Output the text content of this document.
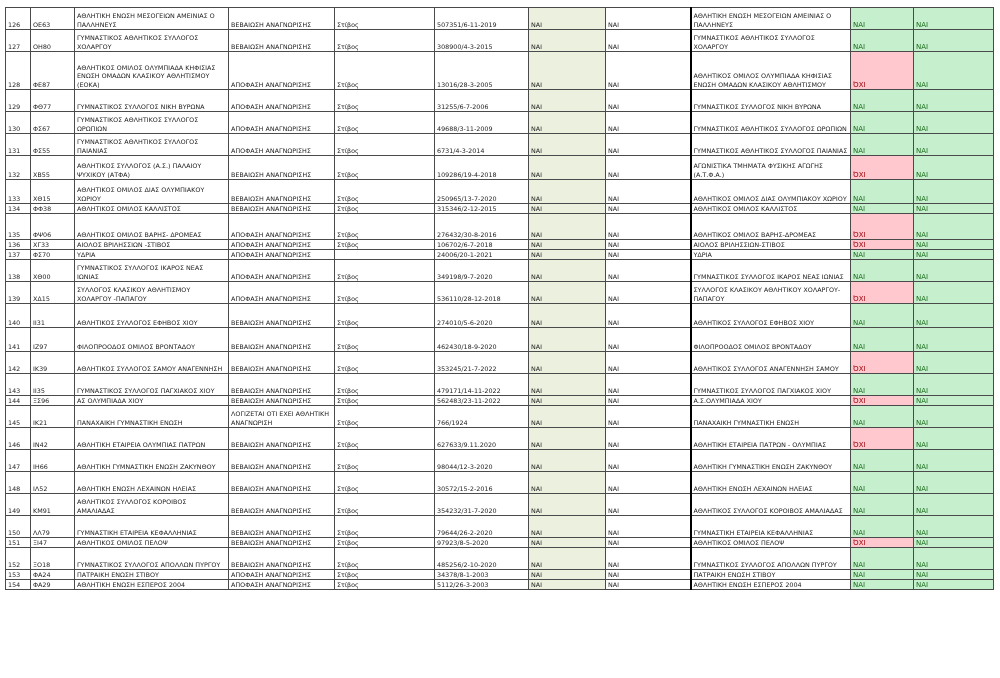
126	ΟΕ63	ΑΘΛΗΤΙΚΗ ΕΝΩΣΗ ΜΕΣΟΓΕΙΩΝ ΑΜΕΙΝΙΑΣ Ο ΠΑΛΛΗΝΕΥΣ	ΒΕΒΑΙΩΣΗ ΑΝΑΓΝΩΡΙΣΗΣ	Στίβος	507351/6-11-2019	ΝΑΙ	ΝΑΙ	ΑΘΛΗΤΙΚΗ ΕΝΩΣΗ ΜΕΣΟΓΕΙΩΝ ΑΜΕΙΝΙΑΣ Ο ΠΑΛΛΗΝΕΥΣ	ΝΑΙ	ΝΑΙ
127	ΟΗ80	ΓΥΜΝΑΣΤΙΚΟΣ ΑΘΛΗΤΙΚΟΣ ΣΥΛΛΟΓΟΣ ΧΟΛΑΡΓΟΥ	ΒΕΒΑΙΩΣΗ ΑΝΑΓΝΩΡΙΣΗΣ	Στίβος	308900/4-3-2015	ΝΑΙ	ΝΑΙ	ΓΥΜΝΑΣΤΙΚΟΣ ΑΘΛΗΤΙΚΟΣ ΣΥΛΛΟΓΟΣ ΧΟΛΑΡΓΟΥ	ΝΑΙ	ΝΑΙ
128	ΦΕ87	ΑΘΛΗΤΙΚΟΣ ΟΜΙΛΟΣ ΟΛΥΜΠΙΑΔΑ ΚΗΦΙΣΙΑΣ ΕΝΩΣΗ ΟΜΑΔΩΝ ΚΛΑΣΙΚΟΥ ΑΘΛΗΤΙΣΜΟΥ (ΕΟΚΑ)	ΑΠΟΦΑΣΗ ΑΝΑΓΝΩΡΙΣΗΣ	Στίβος	13016/28-3-2005	ΝΑΙ	ΝΑΙ	ΑΘΛΗΤΙΚΟΣ ΟΜΙΛΟΣ ΟΛΥΜΠΙΑΔΑ ΚΗΦΙΣΙΑΣ ΕΝΩΣΗ ΟΜΑΔΩΝ ΚΛΑΣΙΚΟΥ ΑΘΛΗΤΙΣΜΟΥ	ΌΧΙ	ΝΑΙ
129	ΦΘ77	ΓΥΜΝΑΣΤΙΚΟΣ ΣΥΛΛΟΓΟΣ ΝΙΚΗ ΒΥΡΩΝΑ	ΑΠΟΦΑΣΗ ΑΝΑΓΝΩΡΙΣΗΣ	Στίβος	31255/6-7-2006	ΝΑΙ	ΝΑΙ	ΓΥΜΝΑΣΤΙΚΟΣ ΣΥΛΛΟΓΟΣ ΝΙΚΗ ΒΥΡΩΝΑ	ΝΑΙ	ΝΑΙ
130	ΦΣ67	ΓΥΜΝΑΣΤΙΚΟΣ ΑΘΛΗΤΙΚΟΣ ΣΥΛΛΟΓΟΣ ΩΡΩΠΙΩΝ	ΑΠΟΦΑΣΗ ΑΝΑΓΝΩΡΙΣΗΣ	Στίβος	49688/3-11-2009	ΝΑΙ	ΝΑΙ	ΓΥΜΝΑΣΤΙΚΟΣ ΑΘΛΗΤΙΚΟΣ ΣΥΛΛΟΓΟΣ ΩΡΩΠΙΩΝ	ΝΑΙ	ΝΑΙ
131	ΦΣ55	ΓΥΜΝΑΣΤΙΚΟΣ ΑΘΛΗΤΙΚΟΣ ΣΥΛΛΟΓΟΣ ΠΑΙΑΝΙΑΣ	ΑΠΟΦΑΣΗ ΑΝΑΓΝΩΡΙΣΗΣ	Στίβος	6731/4-3-2014	ΝΑΙ	ΝΑΙ	ΓΥΜΝΑΣΤΙΚΟΣ ΑΘΛΗΤΙΚΟΣ ΣΥΛΛΟΓΟΣ ΠΑΙΑΝΙΑΣ	ΝΑΙ	ΝΑΙ
132	ΧΒ55	ΑΘΛΗΤΙΚΟΣ ΣΥΛΛΟΓΟΣ (Α.Σ.) ΠΑΛΑΙΟΥ ΨΥΧΙΚΟΥ (ΑΤΦΑ)	ΒΕΒΑΙΩΣΗ ΑΝΑΓΝΩΡΙΣΗΣ	Στίβος	109286/19-4-2018	ΝΑΙ	ΝΑΙ	ΑΓΩΝΙΣΤΙΚΑ ΤΜΗΜΑΤΑ ΦΥΣΙΚΗΣ ΑΓΩΓΗΣ (Α.Τ.Φ.Α.)	ΌΧΙ	ΝΑΙ
133	ΧΘ15	ΑΘΛΗΤΙΚΟΣ ΟΜΙΛΟΣ ΔΙΑΣ ΟΛΥΜΠΙΑΚΟΥ ΧΩΡΙΟΥ	ΒΕΒΑΙΩΣΗ ΑΝΑΓΝΩΡΙΣΗΣ	Στίβος	250965/13-7-2020	ΝΑΙ	ΝΑΙ	ΑΘΛΗΤΙΚΟΣ ΟΜΙΛΟΣ ΔΙΑΣ ΟΛΥΜΠΙΑΚΟΥ ΧΩΡΙΟΥ	ΝΑΙ	ΝΑΙ
134	ΦΦ38	ΑΘΛΗΤΙΚΟΣ ΟΜΙΛΟΣ ΚΑΛΛΙΣΤΟΣ	ΒΕΒΑΙΩΣΗ ΑΝΑΓΝΩΡΙΣΗΣ	Στίβος	315346/2-12-2015	ΝΑΙ	ΝΑΙ	ΑΘΛΗΤΙΚΟΣ ΟΜΙΛΟΣ ΚΑΛΛΙΣΤΟΣ	ΝΑΙ	ΝΑΙ
135	ΦΨ06	ΑΘΛΗΤΙΚΟΣ ΟΜΙΛΟΣ ΒΑΡΗΣ- ΔΡΟΜΕΑΣ	ΑΠΟΦΑΣΗ ΑΝΑΓΝΩΡΙΣΗΣ	Στίβος	276432/30-8-2016	ΝΑΙ	ΝΑΙ	ΑΘΛΗΤΙΚΟΣ ΟΜΙΛΟΣ ΒΑΡΗΣ-ΔΡΟΜΕΑΣ	ΌΧΙ	ΝΑΙ
136	ΧΓ33	ΑΙΟΛΟΣ ΒΡΙΛΗΣΣΙΩΝ -ΣΤΙΒΟΣ	ΑΠΟΦΑΣΗ ΑΝΑΓΝΩΡΙΣΗΣ	Στίβος	106702/6-7-2018	ΝΑΙ	ΝΑΙ	ΑΙΟΛΟΣ ΒΡΙΛΗΣΣΙΩΝ-ΣΤΙΒΟΣ	ΌΧΙ	ΝΑΙ
137	ΦΣ70	ΥΔΡΙΑ	ΑΠΟΦΑΣΗ ΑΝΑΓΝΩΡΙΣΗΣ		24006/20-1-2021	ΝΑΙ	ΝΑΙ	ΥΔΡΙΑ	ΝΑΙ	ΝΑΙ
138	ΧΘ00	ΓΥΜΝΑΣΤΙΚΟΣ ΣΥΛΛΟΓΟΣ ΙΚΑΡΟΣ ΝΕΑΣ ΙΩΝΙΑΣ	ΑΠΟΦΑΣΗ ΑΝΑΓΝΩΡΙΣΗΣ	Στίβος	349198/9-7-2020	ΝΑΙ	ΝΑΙ	ΓΥΜΝΑΣΤΙΚΟΣ ΣΥΛΛΟΓΟΣ ΙΚΑΡΟΣ ΝΕΑΣ ΙΩΝΙΑΣ	ΝΑΙ	ΝΑΙ
139	ΧΔ15	ΣΥΛΛΟΓΟΣ ΚΛΑΣΙΚΟΥ ΑΘΛΗΤΙΣΜΟΥ ΧΟΛΑΡΓΟΥ -ΠΑΠΑΓΟΥ	ΑΠΟΦΑΣΗ ΑΝΑΓΝΩΡΙΣΗΣ	Στίβος	536110/28-12-2018	ΝΑΙ	ΝΑΙ	ΣΥΛΛΟΓΟΣ ΚΛΑΣΙΚΟΥ ΑΘΛΗΤΙΚΟΥ ΧΟΛΑΡΓΟΥ-ΠΑΠΑΓΟΥ	ΌΧΙ	ΝΑΙ
140	ΙΙ31	ΑΘΛΗΤΙΚΟΣ ΣΥΛΛΟΓΟΣ ΕΦΗΒΟΣ ΧΙΟΥ	ΒΕΒΑΙΩΣΗ ΑΝΑΓΝΩΡΙΣΗΣ	Στίβος	274010/5-6-2020	ΝΑΙ	ΝΑΙ	ΑΘΛΗΤΙΚΟΣ ΣΥΛΛΟΓΟΣ ΕΦΗΒΟΣ ΧΙΟΥ	ΝΑΙ	ΝΑΙ
141	ΙΖ97	ΦΙΛΟΠΡΟΟΔΟΣ ΟΜΙΛΟΣ ΒΡΟΝΤΑΔΟΥ	ΒΕΒΑΙΩΣΗ ΑΝΑΓΝΩΡΙΣΗΣ	Στίβος	462430/18-9-2020	ΝΑΙ	ΝΑΙ	ΦΙΛΟΠΡΟΟΔΟΣ ΟΜΙΛΟΣ ΒΡΟΝΤΑΔΟΥ	ΝΑΙ	ΝΑΙ
142	ΙΚ39	ΑΘΛΗΤΙΚΟΣ ΣΥΛΛΟΓΟΣ ΣΑΜΟΥ ΑΝΑΓΕΝΝΗΣΗ	ΒΕΒΑΙΩΣΗ ΑΝΑΓΝΩΡΙΣΗΣ	Στίβος	353245/21-7-2022	ΝΑΙ	ΝΑΙ	ΑΘΛΗΤΙΚΟΣ ΣΥΛΛΟΓΟΣ ΑΝΑΓΕΝΝΗΣΗ ΣΑΜΟΥ	ΌΧΙ	ΝΑΙ
143	ΙΙ35	ΓΥΜΝΑΣΤΙΚΟΣ ΣΥΛΛΟΓΟΣ ΠΑΓΧΙΑΚΟΣ ΧΙΟΥ	ΒΕΒΑΙΩΣΗ ΑΝΑΓΝΩΡΙΣΗΣ	Στίβος	479171/14-11-2022	ΝΑΙ	ΝΑΙ	ΓΥΜΝΑΣΤΙΚΟΣ ΣΥΛΛΟΓΟΣ ΠΑΓΧΙΑΚΟΣ ΧΙΟΥ	ΝΑΙ	ΝΑΙ
144	ΞΣ96	ΑΣ ΟΛΥΜΠΙΑΔΑ ΧΙΟΥ	ΒΕΒΑΙΩΣΗ ΑΝΑΓΝΩΡΙΣΗΣ	Στίβος	562483/23-11-2022	ΝΑΙ	ΝΑΙ	Α.Σ.ΟΛΥΜΠΙΑΔΑ ΧΙΟΥ	ΌΧΙ	ΝΑΙ
145	ΙΚ21	ΠΑΝΑΧΑΙΚΗ ΓΥΜΝΑΣΤΙΚΗ ΕΝΩΣΗ	ΛΟΓΙΖΕΤΑΙ ΟΤΙ ΕΧΕΙ ΑΘΛΗΤΙΚΗ ΑΝΑΓΝΩΡΙΣΗ	Στίβος	766/1924	ΝΑΙ	ΝΑΙ	ΠΑΝΑΧΑΙΚΗ ΓΥΜΝΑΣΤΙΚΗ ΕΝΩΣΗ	ΝΑΙ	ΝΑΙ
146	ΙΝ42	ΑΘΛΗΤΙΚΗ ΕΤΑΙΡΕΙΑ ΟΛΥΜΠΙΑΣ ΠΑΤΡΩΝ	ΒΕΒΑΙΩΣΗ ΑΝΑΓΝΩΡΙΣΗΣ	Στίβος	627633/9.11.2020	ΝΑΙ	ΝΑΙ	ΑΘΛΗΤΙΚΗ ΕΤΑΙΡΕΙΑ ΠΑΤΡΩΝ - ΟΛΥΜΠΙΑΣ	ΌΧΙ	ΝΑΙ
147	ΙΗ66	ΑΘΛΗΤΙΚΗ ΓΥΜΝΑΣΤΙΚΗ ΕΝΩΣΗ ΖΑΚΥΝΘΟΥ	ΒΕΒΑΙΩΣΗ ΑΝΑΓΝΩΡΙΣΗΣ	Στίβος	98044/12-3-2020	ΝΑΙ	ΝΑΙ	ΑΘΛΗΤΙΚΗ ΓΥΜΝΑΣΤΙΚΗ ΕΝΩΣΗ ΖΑΚΥΝΘΟΥ	ΝΑΙ	ΝΑΙ
148	ΙΛ52	ΑΘΛΗΤΙΚΗ ΕΝΩΣΗ ΛΕΧΑΙΝΩΝ ΗΛΕΙΑΣ	ΒΕΒΑΙΩΣΗ ΑΝΑΓΝΩΡΙΣΗΣ	Στίβος	30572/15-2-2016	ΝΑΙ	ΝΑΙ	ΑΘΛΗΤΙΚΗ ΕΝΩΣΗ ΛΕΧΑΙΝΩΝ ΗΛΕΙΑΣ	ΝΑΙ	ΝΑΙ
149	ΚΜ91	ΑΘΛΗΤΙΚΟΣ ΣΥΛΛΟΓΟΣ ΚΟΡΟΙΒΟΣ ΑΜΑΛΙΑΔΑΣ	ΒΕΒΑΙΩΣΗ ΑΝΑΓΝΩΡΙΣΗΣ	Στίβος	354232/31-7-2020	ΝΑΙ	ΝΑΙ	ΑΘΛΗΤΙΚΟΣ ΣΥΛΛΟΓΟΣ ΚΟΡΟΙΒΟΣ ΑΜΑΛΙΑΔΑΣ	ΝΑΙ	ΝΑΙ
150	ΛΛ79	ΓΥΜΝΑΣΤΙΚΗ ΕΤΑΙΡΕΙΑ ΚΕΦΑΛΛΗΝΙΑΣ	ΒΕΒΑΙΩΣΗ ΑΝΑΓΝΩΡΙΣΗΣ	Στίβος	79644/26-2-2020	ΝΑΙ	ΝΑΙ	ΓΥΜΝΑΣΤΙΚΗ ΕΤΑΙΡΕΙΑ ΚΕΦΑΛΛΗΝΙΑΣ	ΝΑΙ	ΝΑΙ
151	ΞΙ47	ΑΘΛΗΤΙΚΟΣ ΟΜΙΛΟΣ ΠΕΛΟΨ	ΒΕΒΑΙΩΣΗ ΑΝΑΓΝΩΡΙΣΗΣ	Στίβος	97923/8-5-2020	ΝΑΙ	ΝΑΙ	ΑΘΛΗΤΙΚΟΣ ΟΜΙΛΟΣ ΠΕΛΟΨ	ΌΧΙ	ΝΑΙ
152	ΞΟ18	ΓΥΜΝΑΣΤΙΚΟΣ ΣΥΛΛΟΓΟΣ ΑΠΟΛΛΩΝ ΠΥΡΓΟΥ	ΒΕΒΑΙΩΣΗ ΑΝΑΓΝΩΡΙΣΗΣ	Στίβος	485256/2-10-2020	ΝΑΙ	ΝΑΙ	ΓΥΜΝΑΣΤΙΚΟΣ ΣΥΛΛΟΓΟΣ ΑΠΟΛΛΩΝ ΠΥΡΓΟΥ	ΝΑΙ	ΝΑΙ
153	ΦΑ24	ΠΑΤΡΑΙΚΗ ΕΝΩΣΗ ΣΤΙΒΟΥ	ΑΠΟΦΑΣΗ ΑΝΑΓΝΩΡΙΣΗΣ	Στίβος	34378/8-1-2003	ΝΑΙ	ΝΑΙ	ΠΑΤΡΑΙΚΗ ΕΝΩΣΗ ΣΤΙΒΟΥ	ΝΑΙ	ΝΑΙ
154	ΦΑ29	ΑΘΛΗΤΙΚΗ ΕΝΩΣΗ ΕΣΠΕΡΟΣ 2004	ΑΠΟΦΑΣΗ ΑΝΑΓΝΩΡΙΣΗΣ	Στίβος	5112/26-3-2003	ΝΑΙ	ΝΑΙ	ΑΘΛΗΤΙΚΗ ΕΝΩΣΗ ΕΣΠΕΡΟΣ 2004	ΝΑΙ	ΝΑΙ
